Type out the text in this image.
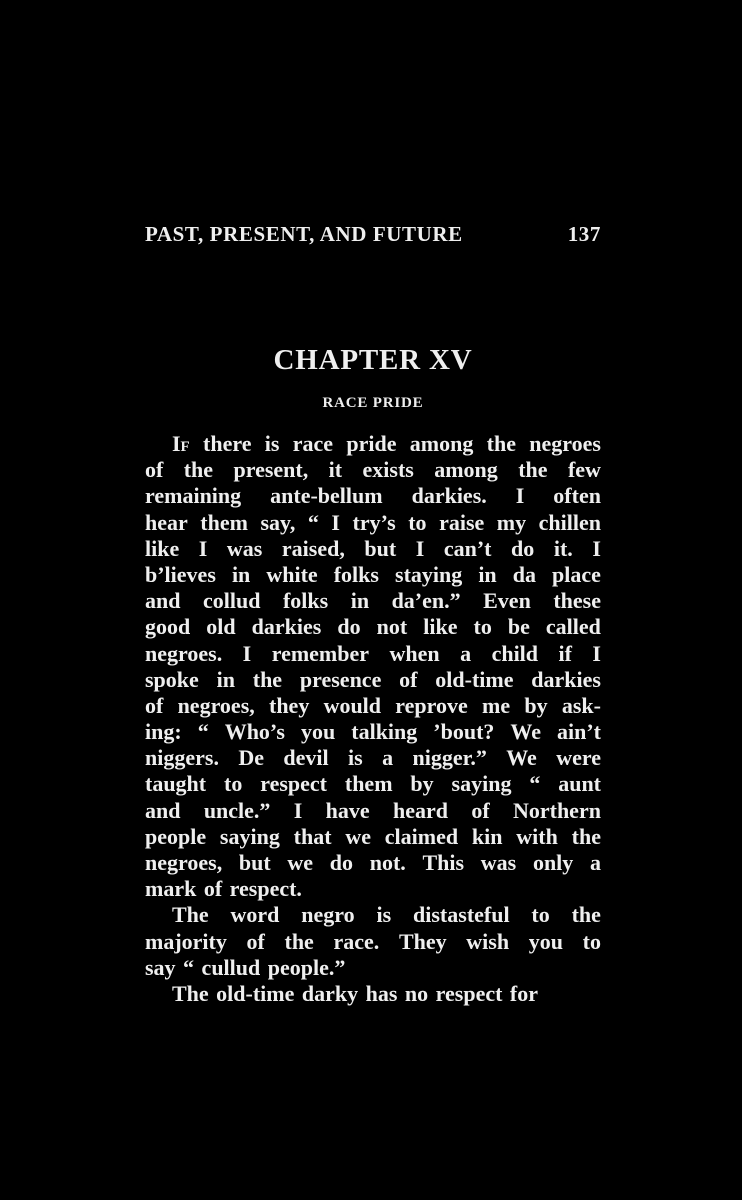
PAST, PRESENT, AND FUTURE	137
CHAPTER XV
RACE PRIDE
If there is race pride among the negroes
of the present, it exists among the few
remaining ante-bellum darkies. I often
hear them say, “ I try’s to raise my chillen
like I was raised, but I can’t do it. I
b’lieves in white folks staying in da place
and collud folks in da’en.” Even these
good old darkies do not like to be called
negroes. I remember when a child if I
spoke in the presence of old-time darkies
of negroes, they would reprove me by ask-
ing: “ Who’s you talking ’bout? We ain’t
niggers. De devil is a nigger.” We were
taught to respect them by saying “ aunt
and uncle.” I have heard of Northern
people saying that we claimed kin with the
negroes, but we do not. This was only a
mark of respect.
The word negro is distasteful to the
majority of the race. They wish you to
say “ cullud people.”
The old-time darky has no respect for
